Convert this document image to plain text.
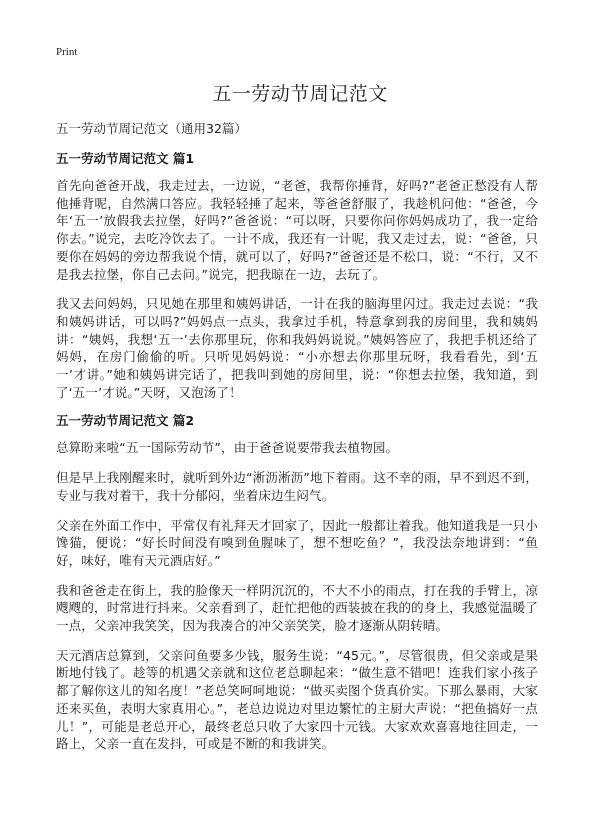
Print
五一劳动节周记范文

五一劳动节周记范文（通用32篇）

五一劳动节周记范文 篇1

首先向爸爸开战，我走过去，一边说，“老爸，我帮你捶背，好吗?”老爸正愁没有人帮他捶背呢，自然满口答应。我轻轻捶了起来，等爸爸舒服了，我趁机问他：“爸爸，今年‘五一’放假我去拉堡，好吗?”爸爸说：“可以呀，只要你问你妈妈成功了，我一定给你去。”说完，去吃冷饮去了。一计不成，我还有一计呢，我又走过去，说：“爸爸，只要你在妈妈的旁边帮我说个情，就可以了，好吗?”爸爸还是不松口，说：“不行，又不是我去拉堡，你自己去问。”说完，把我晾在一边，去玩了。

我又去问妈妈，只见她在那里和姨妈讲话，一计在我的脑海里闪过。我走过去说：“我和姨妈讲话，可以吗?”妈妈点一点头，我拿过手机，特意拿到我的房间里，我和姨妈讲：“姨妈，我想‘五一’去你那里玩，你和我妈妈说说。”姨妈答应了，我把手机还给了妈妈，在房门偷偷的听。只听见妈妈说：“小亦想去你那里玩呀，我看看先，到‘五一’才讲。”她和姨妈讲完话了，把我叫到她的房间里，说：“你想去拉堡，我知道，到了‘五一’才说。”天呀，又泡汤了！

五一劳动节周记范文 篇2

总算盼来啦“五一国际劳动节”，由于爸爸说要带我去植物园。

但是早上我刚醒来时，就听到外边“淅沥淅沥”地下着雨。这不幸的雨，早不到迟不到，专业与我对着干，我十分郁闷，坐着床边生闷气。

父亲在外面工作中，平常仅有礼拜天才回家了，因此一般都让着我。他知道我是一只小馋猫，便说：“好长时间没有嗅到鱼腥味了，想不想吃鱼？”，我没法奈地讲到：“鱼好，味好，唯有天元酒店好。”

我和爸爸走在街上，我的脸像天一样阴沉沉的，不大不小的雨点，打在我的手臂上，凉飕飕的，时常进行抖来。父亲看到了，赶忙把他的西装披在我的的身上，我感觉温暖了一点，父亲冲我笑笑，因为我凑合的冲父亲笑笑，脸才逐渐从阴转晴。

天元酒店总算到，父亲问鱼要多少钱，服务生说：“45元。”，尽管很贵，但父亲或是果断地付钱了。趁等的机遇父亲就和这位老总聊起来：“做生意不错吧！连我们家小孩子都了解你这儿的知名度！”老总笑呵呵地说：“做买卖图个货真价实。下那么暴雨，大家还来买鱼，表明大家真用心。”，老总边说边对里边繁忙的主厨大声说：“把鱼搞好一点儿！”，可能是老总开心，最终老总只收了大家四十元钱。大家欢欢喜喜地往回走，一路上，父亲一直在发抖，可或是不断的和我讲笑。
